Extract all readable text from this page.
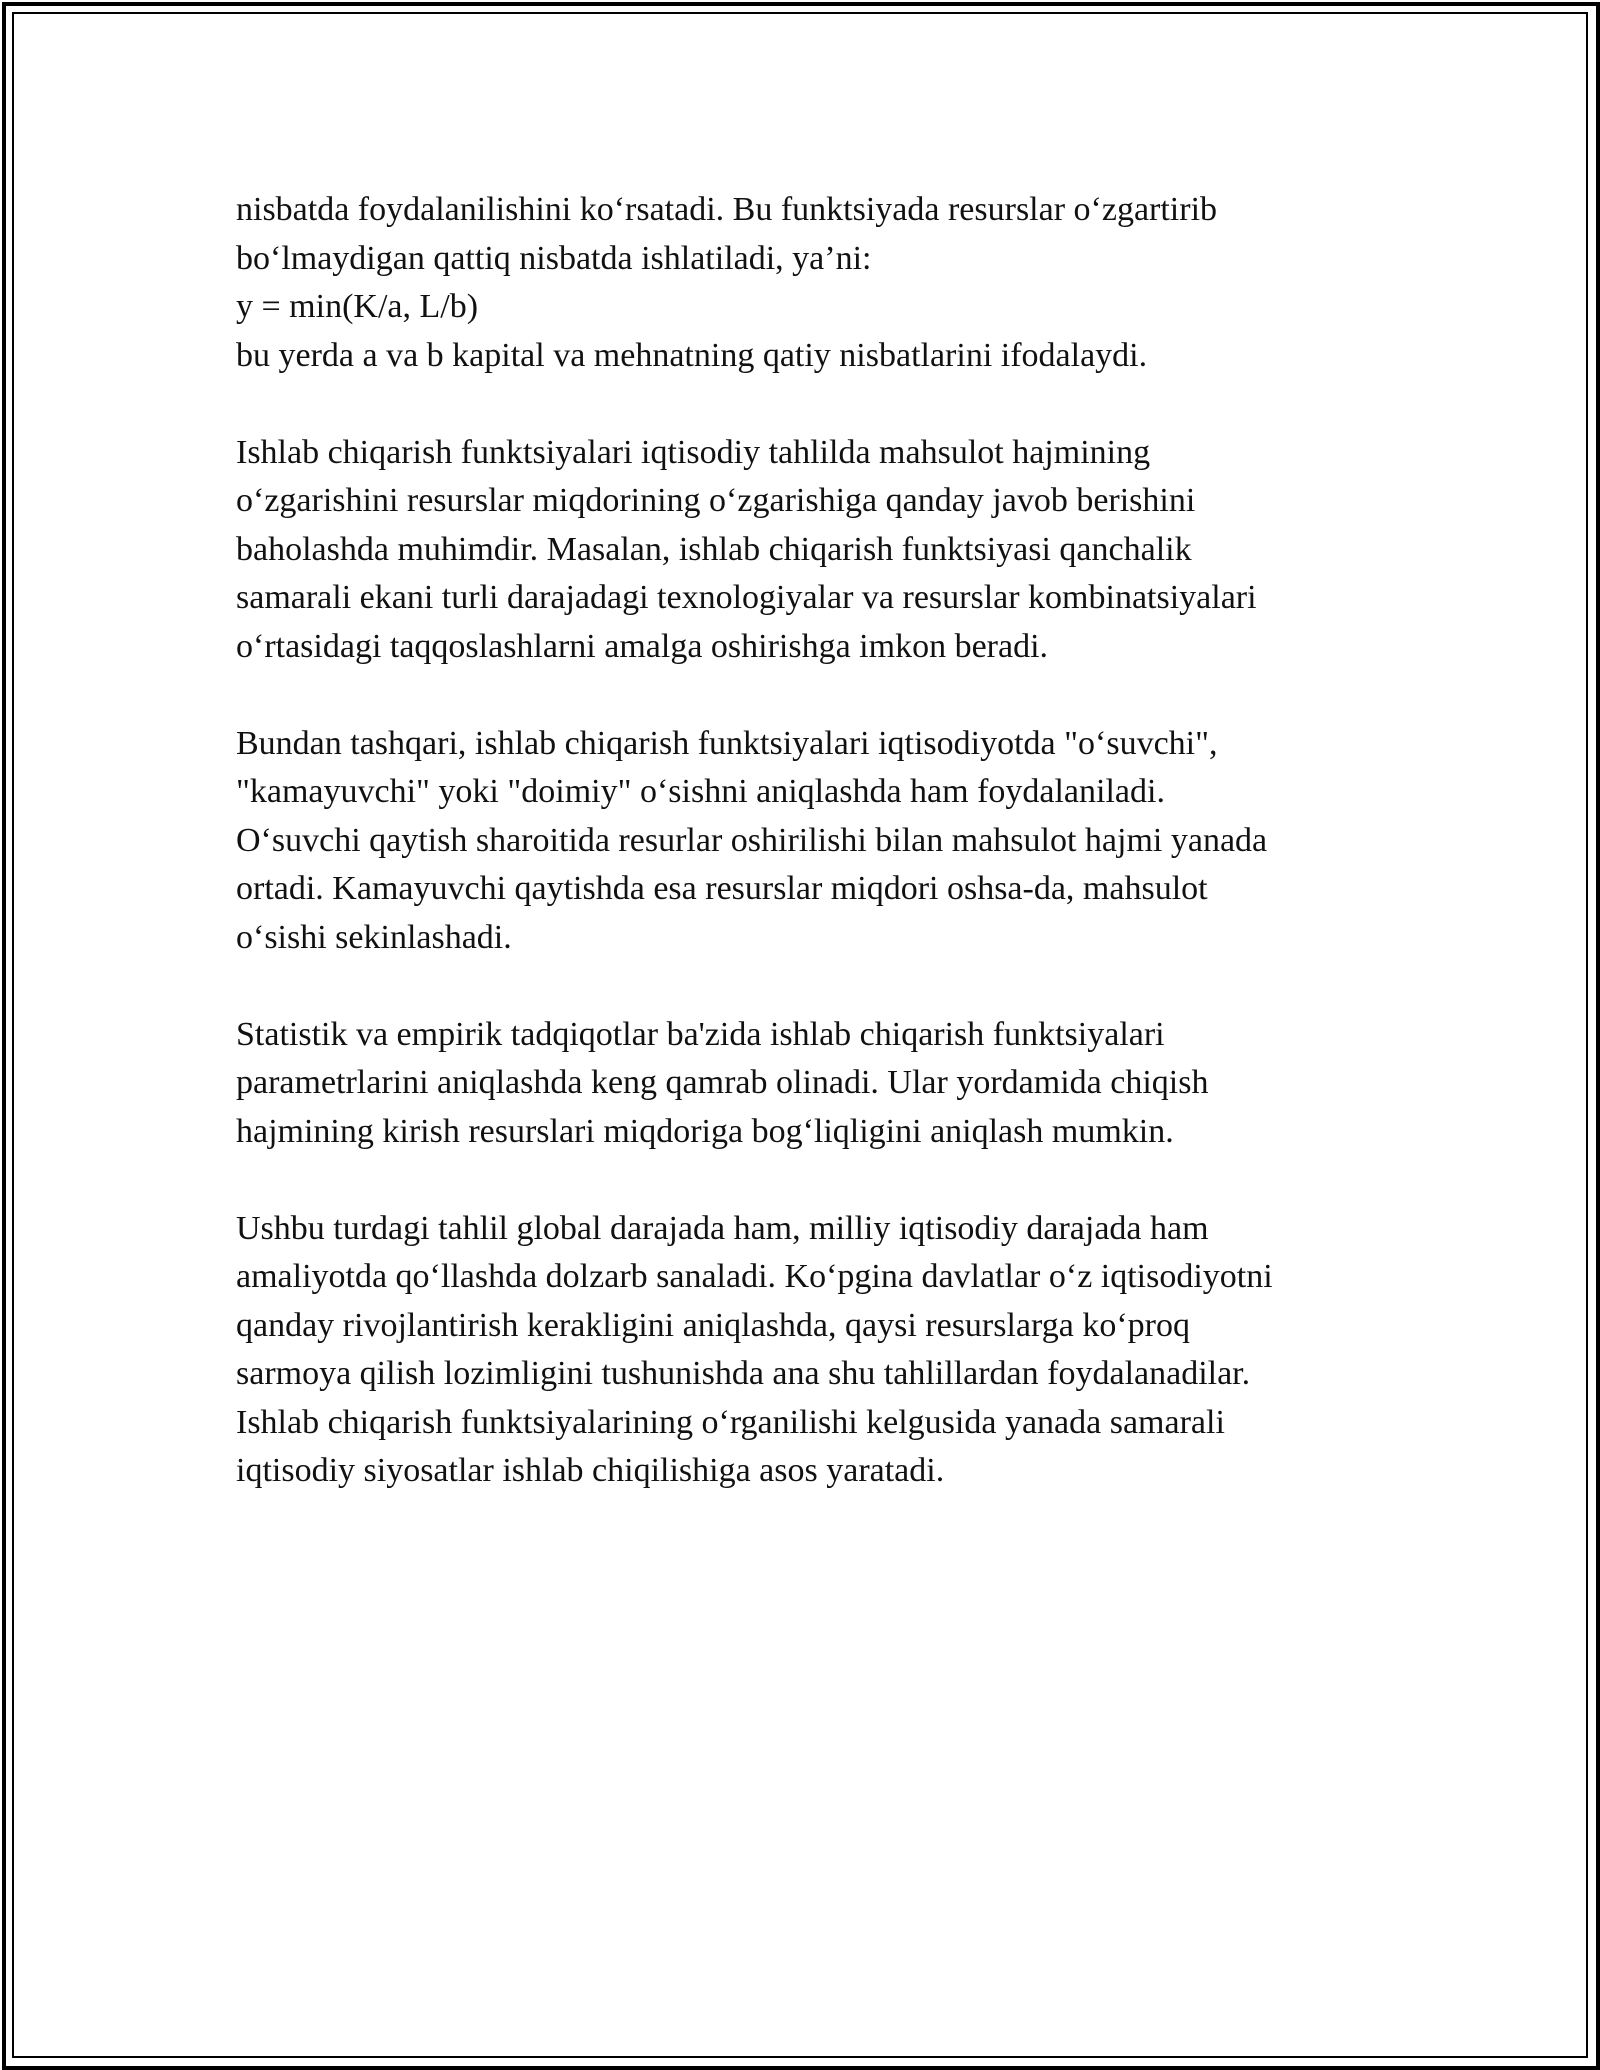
nisbatda foydalanilishini ko‘rsatadi. Bu funktsiyada resurslar o‘zgartirib
bo‘lmaydigan qattiq nisbatda ishlatiladi, ya’ni:
y = min(K/a, L/b)
bu yerda a va b kapital va mehnatning qatiy nisbatlarini ifodalaydi.

Ishlab chiqarish funktsiyalari iqtisodiy tahlilda mahsulot hajmining
o‘zgarishini resurslar miqdorining o‘zgarishiga qanday javob berishini
baholashda muhimdir. Masalan, ishlab chiqarish funktsiyasi qanchalik
samarali ekani turli darajadagi texnologiyalar va resurslar kombinatsiyalari
o‘rtasidagi taqqoslashlarni amalga oshirishga imkon beradi.

Bundan tashqari, ishlab chiqarish funktsiyalari iqtisodiyotda "o‘suvchi",
"kamayuvchi" yoki "doimiy" o‘sishni aniqlashda ham foydalaniladi.
O‘suvchi qaytish sharoitida resurlar oshirilishi bilan mahsulot hajmi yanada
ortadi. Kamayuvchi qaytishda esa resurslar miqdori oshsa-da, mahsulot
o‘sishi sekinlashadi.

Statistik va empirik tadqiqotlar ba'zida ishlab chiqarish funktsiyalari
parametrlarini aniqlashda keng qamrab olinadi. Ular yordamida chiqish
hajmining kirish resurslari miqdoriga bog‘liqligini aniqlash mumkin.

Ushbu turdagi tahlil global darajada ham, milliy iqtisodiy darajada ham
amaliyotda qo‘llashda dolzarb sanaladi. Ko‘pgina davlatlar o‘z iqtisodiyotni
qanday rivojlantirish kerakligini aniqlashda, qaysi resurslarga ko‘proq
sarmoya qilish lozimligini tushunishda ana shu tahlillardan foydalanadilar.
Ishlab chiqarish funktsiyalarining o‘rganilishi kelgusida yanada samarali
iqtisodiy siyosatlar ishlab chiqilishiga asos yaratadi.
